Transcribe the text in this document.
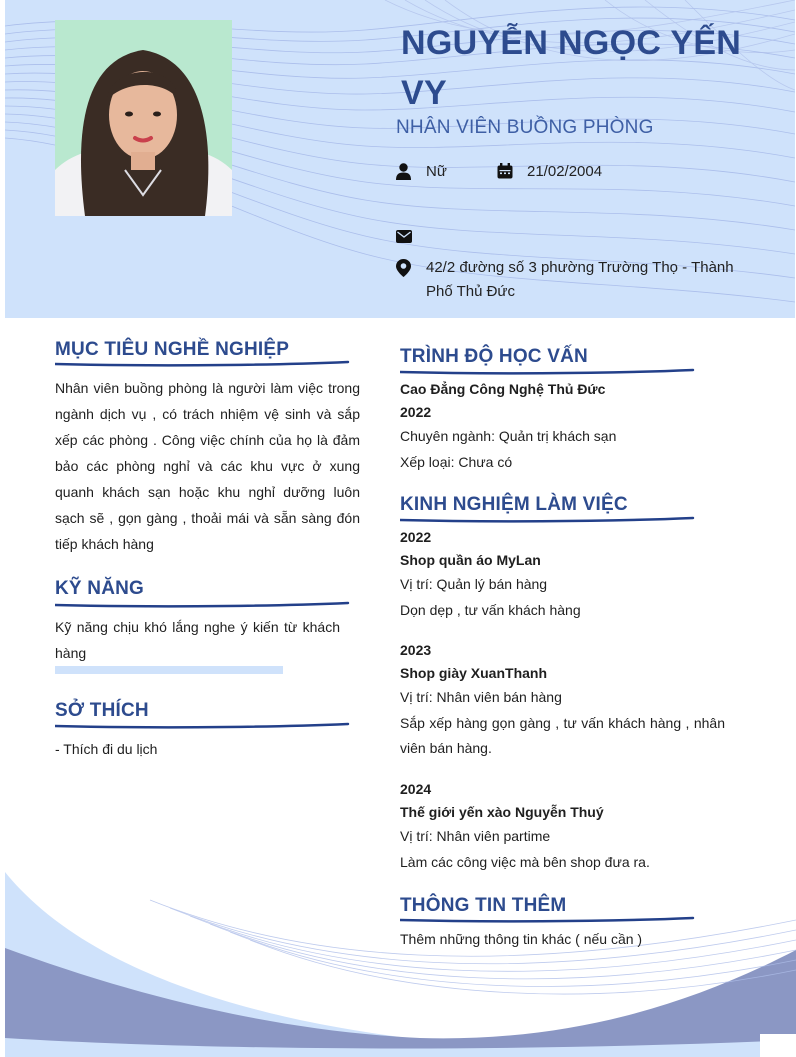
NGUYỄN NGỌC YẾN VY
NHÂN VIÊN BUỒNG PHÒNG
Nữ	21/02/2004
42/2 đường số 3 phường Trường Thọ - Thành Phố Thủ Đức
MỤC TIÊU NGHỀ NGHIỆP
Nhân viên buồng phòng là người làm việc trong ngành dịch vụ , có trách nhiệm vệ sinh và sắp xếp các phòng . Công việc chính của họ là đảm bảo các phòng nghỉ và các khu vực ở xung quanh khách sạn hoặc khu nghỉ dưỡng luôn sạch sẽ , gọn gàng , thoải mái và sẵn sàng đón tiếp khách hàng
KỸ NĂNG
Kỹ năng chịu khó lắng nghe ý kiến từ khách hàng
SỞ THÍCH
- Thích đi du lịch
TRÌNH ĐỘ HỌC VẤN
Cao Đẳng Công Nghệ Thủ Đức
2022
Chuyên ngành: Quản trị khách sạn
Xếp loại: Chưa có
KINH NGHIỆM LÀM VIỆC
2022
Shop quần áo MyLan
Vị trí: Quản lý bán hàng
Dọn dẹp , tư vấn khách hàng
2023
Shop giày XuanThanh
Vị trí: Nhân viên bán hàng
Sắp xếp hàng gọn gàng , tư vấn khách hàng , nhân viên bán hàng.
2024
Thế giới yến xào Nguyễn Thuý
Vị trí: Nhân viên partime
Làm các công việc mà bên shop đưa ra.
THÔNG TIN THÊM
Thêm những thông tin khác ( nếu cần )
